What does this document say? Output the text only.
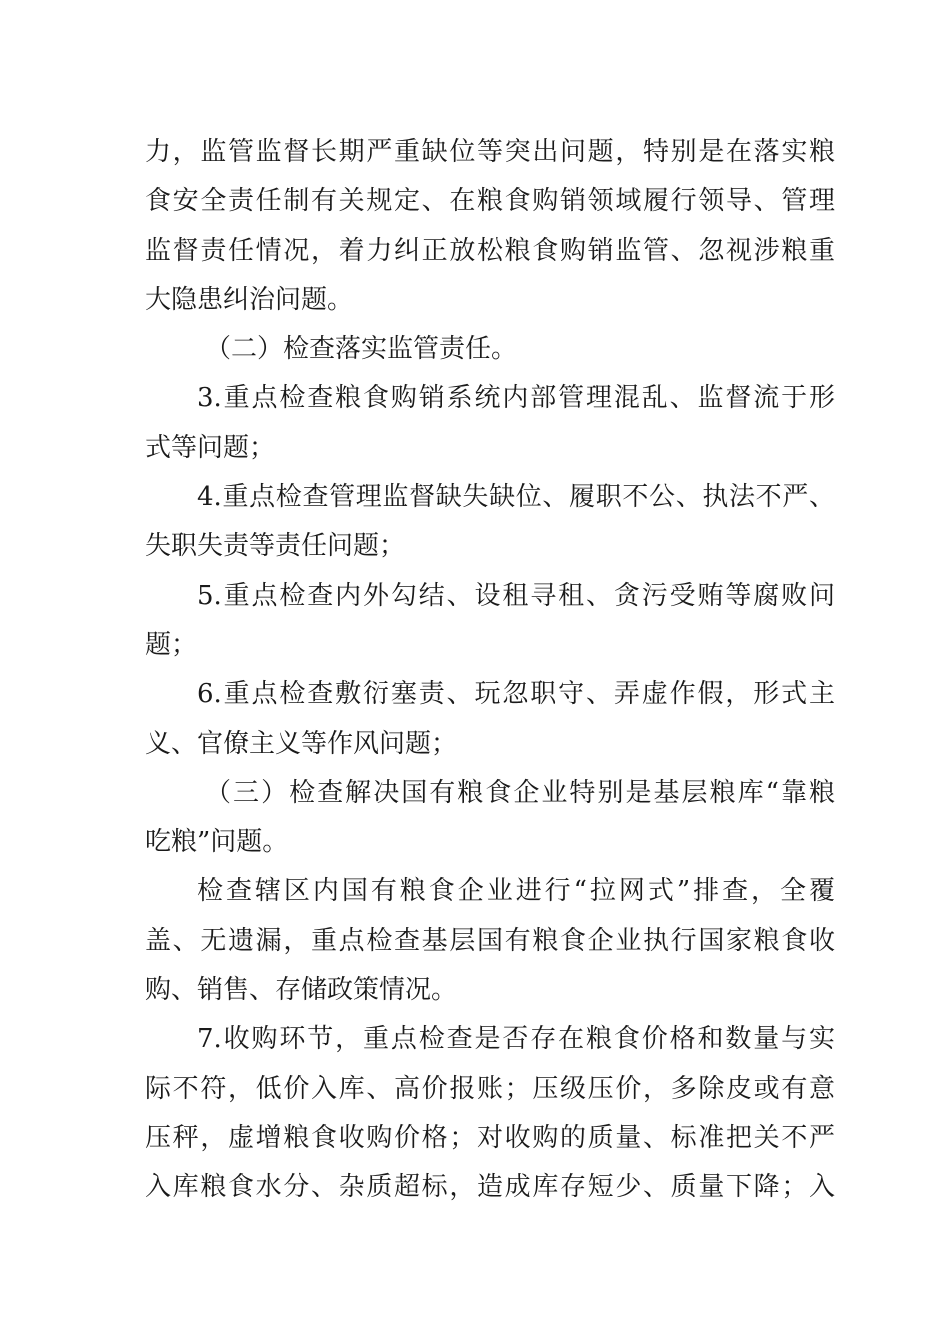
力，监管监督长期严重缺位等突出问题，特别是在落实粮
食安全责任制有关规定、在粮食购销领域履行领导、管理
监督责任情况，着力纠正放松粮食购销监管、忽视涉粮重
大隐患纠治问题。
（二）检查落实监管责任。
3.重点检查粮食购销系统内部管理混乱、监督流于形
式等问题；
4.重点检查管理监督缺失缺位、履职不公、执法不严、
失职失责等责任问题；
5.重点检查内外勾结、设租寻租、贪污受贿等腐败问
题；
6.重点检查敷衍塞责、玩忽职守、弄虚作假，形式主
义、官僚主义等作风问题；
（三）检查解决国有粮食企业特别是基层粮库“靠粮
吃粮”问题。
检查辖区内国有粮食企业进行“拉网式”排查，全覆
盖、无遗漏，重点检查基层国有粮食企业执行国家粮食收
购、销售、存储政策情况。
7.收购环节，重点检查是否存在粮食价格和数量与实
际不符，低价入库、高价报账；压级压价，多除皮或有意
压秤，虚增粮食收购价格；对收购的质量、标准把关不严
入库粮食水分、杂质超标，造成库存短少、质量下降；入
